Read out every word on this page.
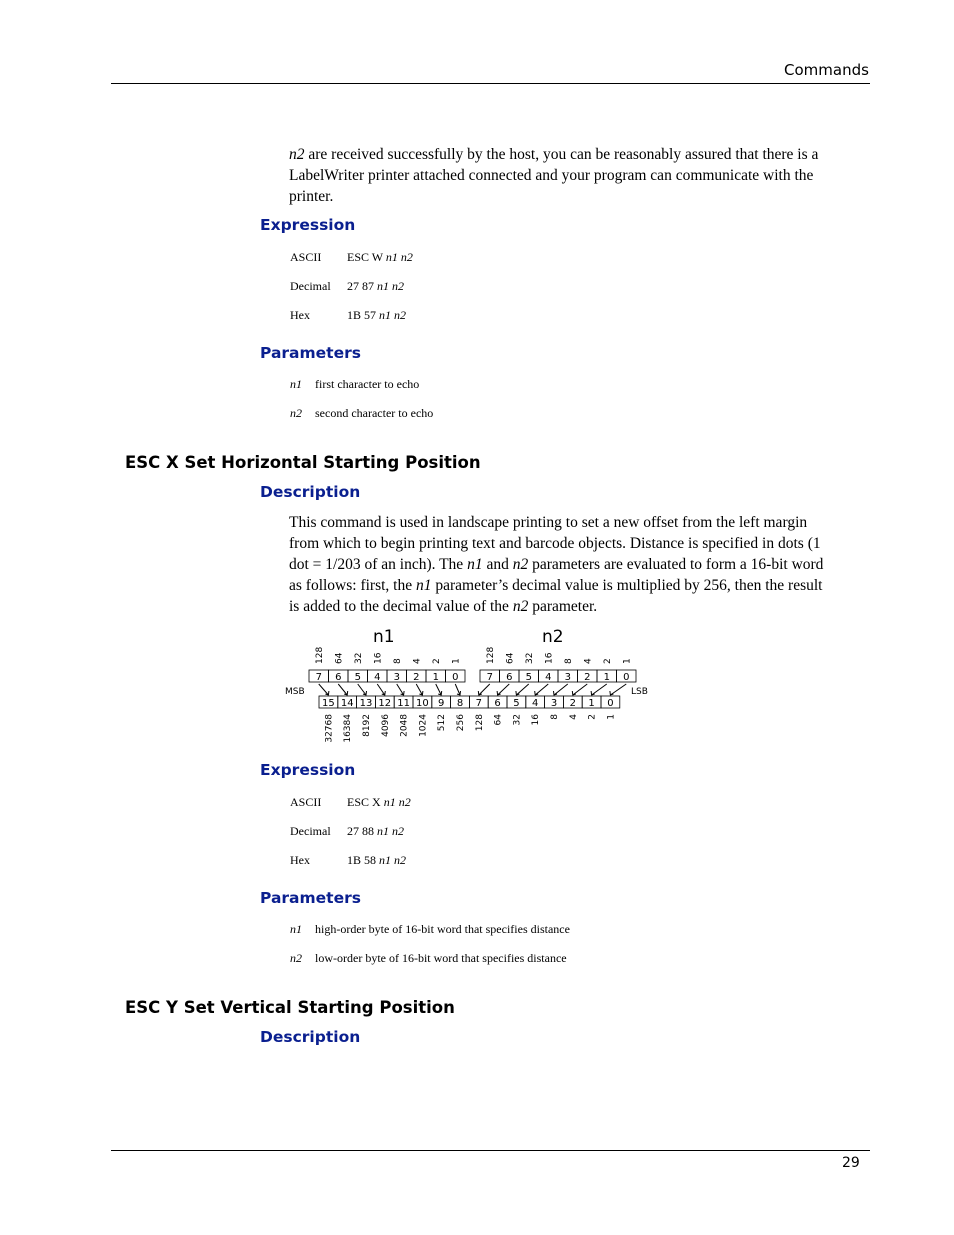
Commands
n2 are received successfully by the host, you can be reasonably assured that there is a
LabelWriter printer attached connected and your program can communicate with the
printer.
Expression
ASCII ESC W n1 n2
Decimal 27 87 n1 n2
Hex	1B 57 n1 n2
Parameters
n1 first character to echo
n2 second character to echo
ESC X Set Horizontal Starting Position
Description
This command is used in landscape printing to set a new offset from the left margin
from which to begin printing text and barcode objects. Distance is specified in dots (1
dot = 1/203 of an inch). The n1 and n2 parameters are evaluated to form a 16-bit word
as follows: first, the n1 parameter’s decimal value is multiplied by 256, then the result
is added to the decimal value of the n2 parameter.
n1	n2
MSB	LSB
128 64 32 16 8 4 2 1
7 6 5 4 3 2 1 0
128 64 32 16 8 4 2 1
7 6 5 4 3 2 1 0
15 14 13 12 11 10 9 8 7 6 5 4 3 2 1 0
32768 16384 8192 4096 2048 1024 512 256 128 64 32 16 8 4 2 1
Expression
ASCII ESC X n1 n2
Decimal 27 88 n1 n2
Hex	1B 58 n1 n2
Parameters
n1 high-order byte of 16-bit word that specifies distance
n2 low-order byte of 16-bit word that specifies distance
ESC Y Set Vertical Starting Position
Description
29
